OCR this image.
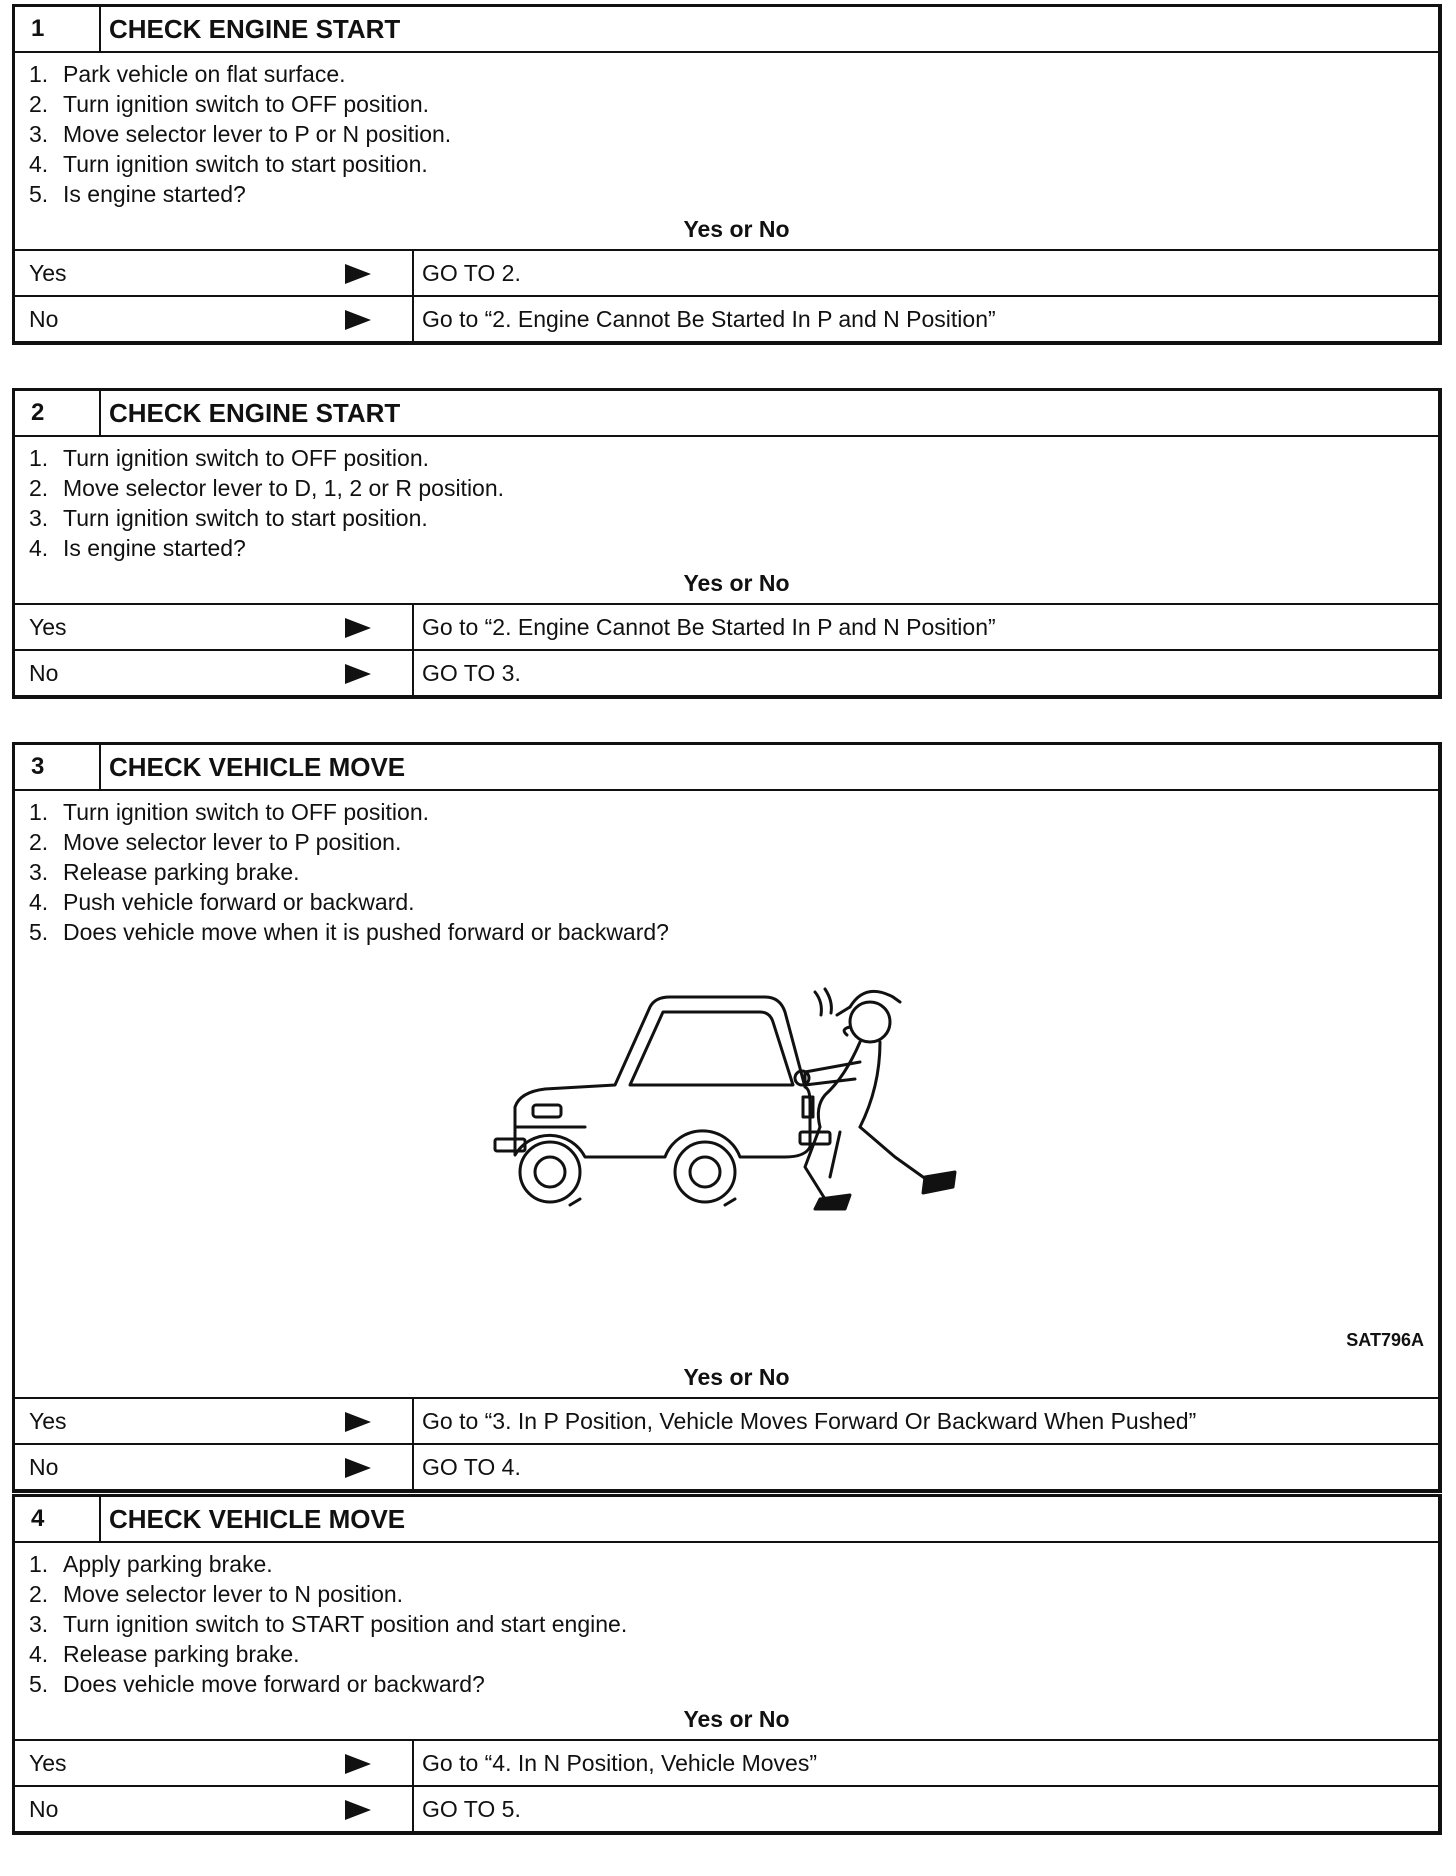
1	CHECK ENGINE START
1. Park vehicle on flat surface.
2. Turn ignition switch to OFF position.
3. Move selector lever to P or N position.
4. Turn ignition switch to start position.
5. Is engine started?
Yes or No
Yes	GO TO 2.
No	Go to “2. Engine Cannot Be Started In P and N Position”
2	CHECK ENGINE START
1. Turn ignition switch to OFF position.
2. Move selector lever to D, 1, 2 or R position.
3. Turn ignition switch to start position.
4. Is engine started?
Yes or No
Yes	Go to “2. Engine Cannot Be Started In P and N Position”
No	GO TO 3.
3	CHECK VEHICLE MOVE
1. Turn ignition switch to OFF position.
2. Move selector lever to P position.
3. Release parking brake.
4. Push vehicle forward or backward.
5. Does vehicle move when it is pushed forward or backward?
SAT796A
Yes or No
Yes	Go to “3. In P Position, Vehicle Moves Forward Or Backward When Pushed”
No	GO TO 4.
4	CHECK VEHICLE MOVE
1. Apply parking brake.
2. Move selector lever to N position.
3. Turn ignition switch to START position and start engine.
4. Release parking brake.
5. Does vehicle move forward or backward?
Yes or No
Yes	Go to “4. In N Position, Vehicle Moves”
No	GO TO 5.
